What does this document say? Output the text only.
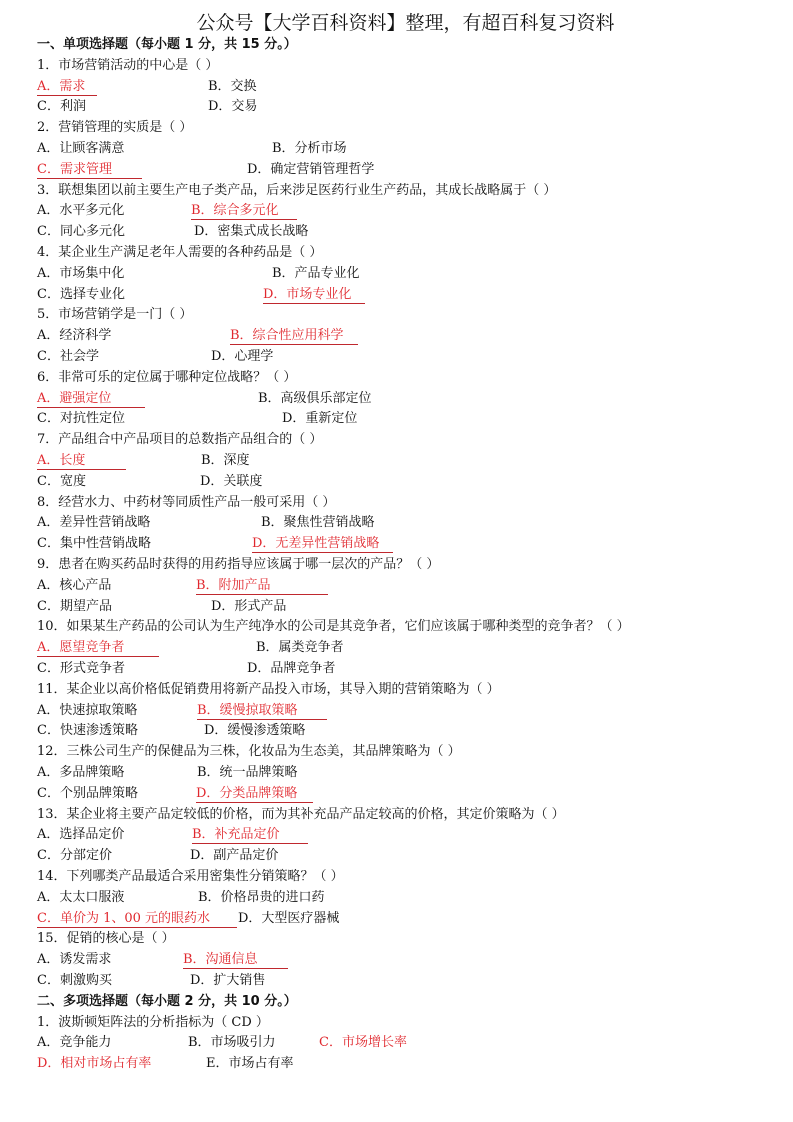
公众号【大学百科资料】整理，有超百科复习资料
一、单项选择题（每小题 1 分，共 15 分。）
1．市场营销活动的中心是（ ）
A．需求	B．交换
C．利润	D．交易
2．营销管理的实质是（ ）
A．让顾客满意	B．分析市场
C．需求管理	D．确定营销管理哲学
3．联想集团以前主要生产电子类产品，后来涉足医药行业生产药品，其成长战略属于（ ）
A．水平多元化	B．综合多元化
C．同心多元化	D．密集式成长战略
4．某企业生产满足老年人需要的各种药品是（ ）
A．市场集中化	B．产品专业化
C．选择专业化	D．市场专业化
5．市场营销学是一门（ ）
A．经济科学	B．综合性应用科学
C．社会学	D．心理学
6．非常可乐的定位属于哪种定位战略？（ ）
A．避强定位	B．高级俱乐部定位
C．对抗性定位	D．重新定位
7．产品组合中产品项目的总数指产品组合的（ ）
A．长度	B．深度
C．宽度	D．关联度
8．经营水力、中药材等同质性产品一般可采用（ ）
A．差异性营销战略	B．聚焦性营销战略
C．集中性营销战略	D．无差异性营销战略
9．患者在购买药品时获得的用药指导应该属于哪一层次的产品？（ ）
A．核心产品	B．附加产品
C．期望产品	D．形式产品
10．如果某生产药品的公司认为生产纯净水的公司是其竞争者，它们应该属于哪种类型的竞争者？（ ）
A．愿望竞争者	B．属类竞争者
C．形式竞争者	D．品牌竞争者
11．某企业以高价格低促销费用将新产品投入市场，其导入期的营销策略为（ ）
A．快速掠取策略	B．缓慢掠取策略
C．快速渗透策略	D．缓慢渗透策略
12．三株公司生产的保健品为三株，化妆品为生态美，其品牌策略为（ ）
A．多品牌策略	B．统一品牌策略
C．个别品牌策略	D．分类品牌策略
13．某企业将主要产品定较低的价格，而为其补充品产品定较高的价格，其定价策略为（ ）
A．选择品定价	B．补充品定价
C．分部定价	D．副产品定价
14．下列哪类产品最适合采用密集性分销策略？（ ）
A．太太口服液	B．价格昂贵的进口药
C．单价为 1、00 元的眼药水	D．大型医疗器械
15．促销的核心是（ ）
A．诱发需求	B．沟通信息
C．刺激购买	D．扩大销售
二、多项选择题（每小题 2 分，共 10 分。）
1．波斯顿矩阵法的分析指标为（ CD ）
A．竞争能力	B．市场吸引力	C．市场增长率
D．相对市场占有率	E．市场占有率
